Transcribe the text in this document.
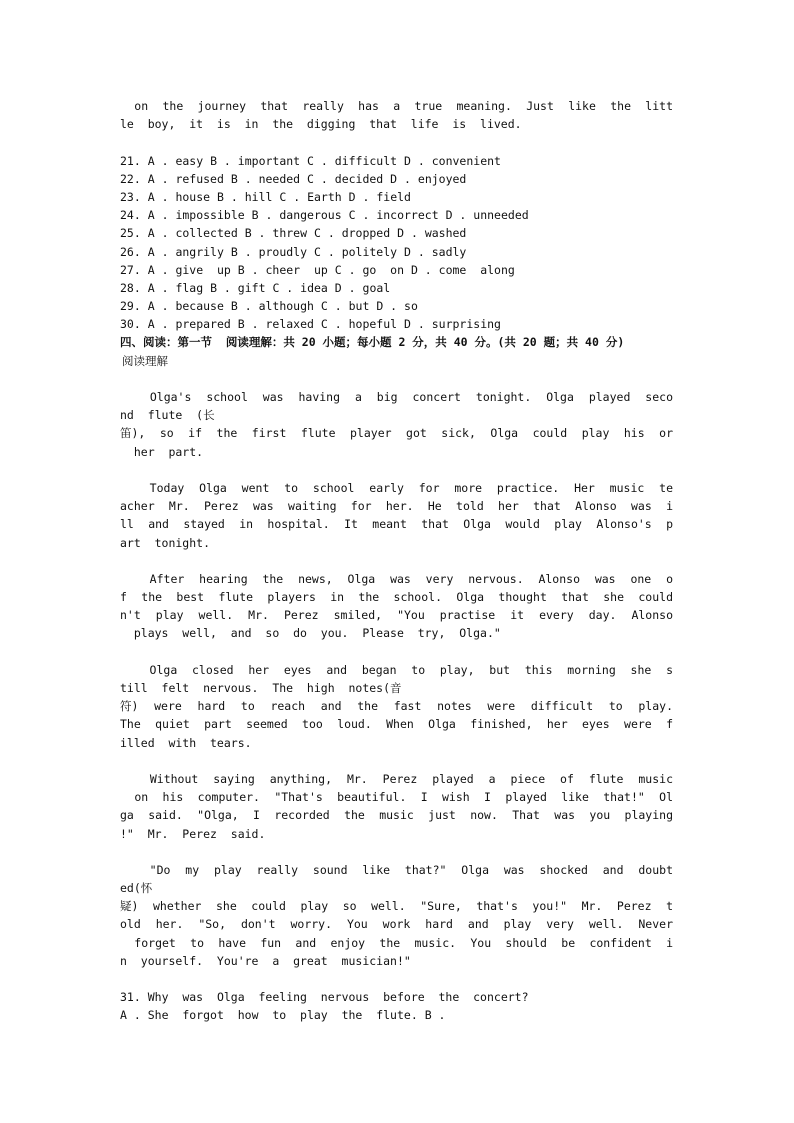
on  the  journey  that  really  has  a  true  meaning.  Just  like  the  litt
le  boy,  it  is  in  the  digging  that  life  is  lived.
21. A . easy B . important C . difficult D . convenient
22. A . refused B . needed C . decided D . enjoyed
23. A . house B . hill C . Earth D . field
24. A . impossible B . dangerous C . incorrect D . unneeded
25. A . collected B . threw C . dropped D . washed
26. A . angrily B . proudly C . politely D . sadly
27. A . give  up B . cheer  up C . go  on D . come  along
28. A . flag B . gift C . idea D . goal
29. A . because B . although C . but D . so
30. A . prepared B . relaxed C . hopeful D . surprising
四、阅读：第一节  阅读理解：共 20 小题；每小题 2 分，共 40 分。(共 20 题；共 40 分)
阅读理解
Olga's  school  was  having  a  big  concert  tonight.  Olga  played  seco
nd  flute  (长
笛),  so  if  the  first  flute  player  got  sick,  Olga  could  play  his  or
her  part.
Today  Olga  went  to  school  early  for  more  practice.  Her  music  te
acher  Mr.  Perez  was  waiting  for  her.  He  told  her  that  Alonso  was  i
ll  and  stayed  in  hospital.  It  meant  that  Olga  would  play  Alonso's  p
art  tonight.
After  hearing  the  news,  Olga  was  very  nervous.  Alonso  was  one  o
f  the  best  flute  players  in  the  school.  Olga  thought  that  she  could
n't  play  well.  Mr.  Perez  smiled,  "You  practise  it  every  day.  Alonso
plays  well,  and  so  do  you.  Please  try,  Olga."
Olga  closed  her  eyes  and  began  to  play,  but  this  morning  she  s
till  felt  nervous.  The  high  notes(音
符)  were  hard  to  reach  and  the  fast  notes  were  difficult  to  play.
The  quiet  part  seemed  too  loud.  When  Olga  finished,  her  eyes  were  f
illed  with  tears.
Without  saying  anything,  Mr.  Perez  played  a  piece  of  flute  music
on  his  computer.  "That's  beautiful.  I  wish  I  played  like  that!"  Ol
ga  said.  "Olga,  I  recorded  the  music  just  now.  That  was  you  playing
!"  Mr.  Perez  said.
"Do  my  play  really  sound  like  that?"  Olga  was  shocked  and  doubt
ed(怀
疑)  whether  she  could  play  so  well.  "Sure,  that's  you!"  Mr.  Perez  t
old  her.  "So,  don't  worry.  You  work  hard  and  play  very  well.  Never
forget  to  have  fun  and  enjoy  the  music.  You  should  be  confident  i
n  yourself.  You're  a  great  musician!"
31. Why  was  Olga  feeling  nervous  before  the  concert?
A . She  forgot  how  to  play  the  flute. B .
